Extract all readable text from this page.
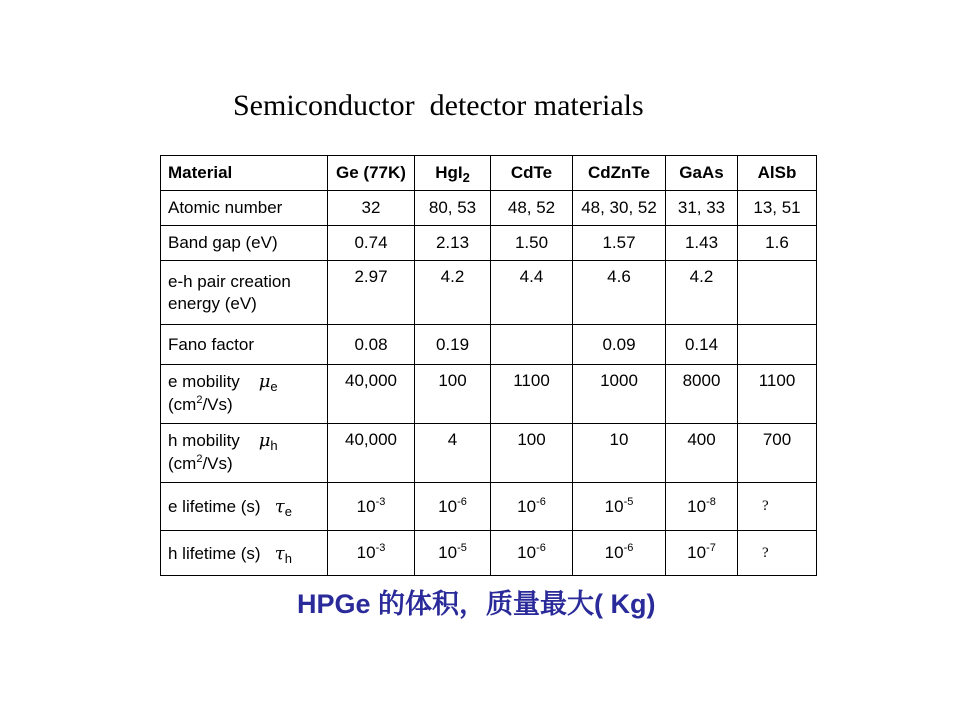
Semiconductor  detector materials
Material	Ge (77K)	HgI$_2$	CdTe	CdZnTe	GaAs	AlSb
Atomic number	32	80, 53	48, 52	48, 30, 52	31, 33	13, 51
Band gap (eV)	0.74	2.13	1.50	1.57	1.43	1.6

e-h pair creation
energy (eV)	2.97	4.2	4.4	4.6	4.2	
Fano factor	0.08	0.19		0.09	0.14	

e mobility $\mu_e$
$(cm^2/Vs)$	40,000	100	1100	1000	8000	1100

h mobility $\mu_h$
$(cm^2/Vs)$	40,000	4	100	10	400	700
e lifetime (s) $\tau_e$	$10^{-3}$	$10^{-6}$	$10^{-6}$	$10^{-5}$	$10^{-8}$	?
h lifetime (s) $\tau_h$	$10^{-3}$	$10^{-5}$	$10^{-6}$	$10^{-6}$	$10^{-7}$	?

HPGe 的体积，质量最大( Kg)
